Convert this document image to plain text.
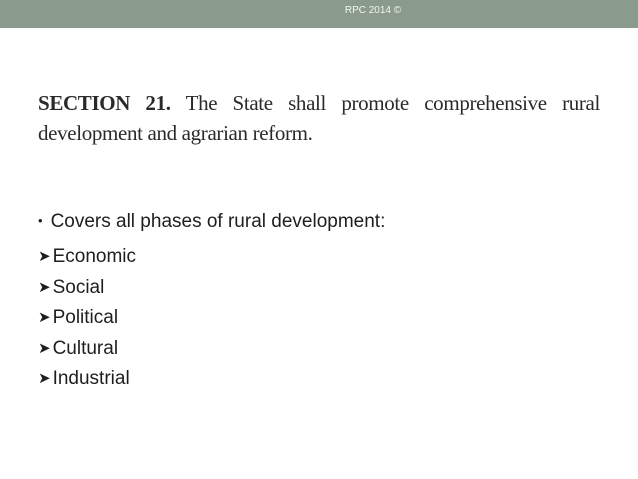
RPC 2014 ©

SECTION 21. The State shall promote comprehensive rural development and agrarian reform.

• Covers all phases of rural development:
➤ Economic
➤ Social
➤ Political
➤ Cultural
➤ Industrial
